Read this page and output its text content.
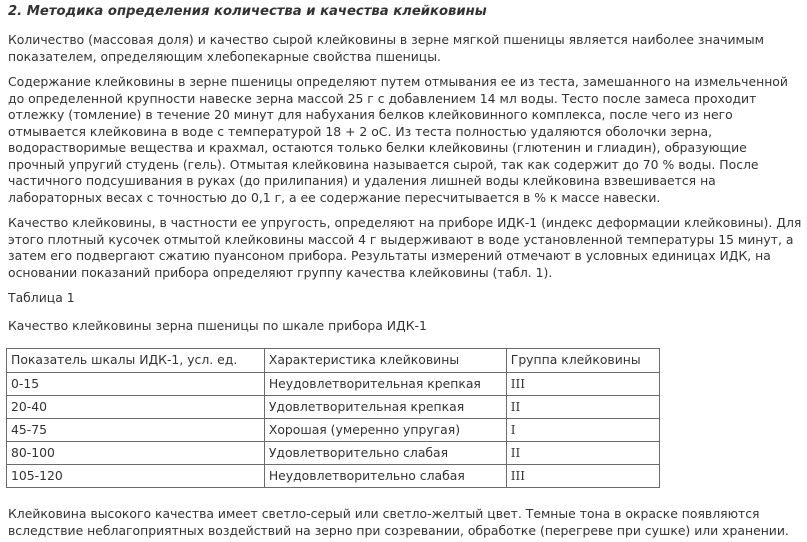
2. Методика определения количества и качества клейковины

Количество (массовая доля) и качество сырой клейковины в зерне мягкой пшеницы является наиболее значимым
показателем, определяющим хлебопекарные свойства пшеницы.

Содержание клейковины в зерне пшеницы определяют путем отмывания ее из теста, замешанного на измельченной
до определенной крупности навеске зерна массой 25 г с добавлением 14 мл воды. Тесто после замеса проходит
отлежку (томление) в течение 20 минут для набухания белков клейковинного комплекса, после чего из него
отмывается клейковина в воде с температурой 18 + 2 оС. Из теста полностью удаляются оболочки зерна,
водорастворимые вещества и крахмал, остаются только белки клейковины (глютенин и глиадин), образующие
прочный упругий студень (гель). Отмытая клейковина называется сырой, так как содержит до 70 % воды. После
частичного подсушивания в руках (до прилипания) и удаления лишней воды клейковина взвешивается на
лабораторных весах с точностью до 0,1 г, а ее содержание пересчитывается в % к массе навески.

Качество клейковины, в частности ее упругость, определяют на приборе ИДК-1 (индекс деформации клейковины). Для
этого плотный кусочек отмытой клейковины массой 4 г выдерживают в воде установленной температуры 15 минут, а
затем его подвергают сжатию пуансоном прибора. Результаты измерений отмечают в условных единицах ИДК, на
основании показаний прибора определяют группу качества клейковины (табл. 1).

Таблица 1

Качество клейковины зерна пшеницы по шкале прибора ИДК-1

Показатель шкалы ИДК-1, усл. ед.	Характеристика клейковины	Группа клейковины
0-15	Неудовлетворительная крепкая	III
20-40	Удовлетворительная крепкая	II
45-75	Хорошая (умеренно упругая)	I
80-100	Удовлетворительно слабая	II
105-120	Неудовлетворительно слабая	III

Клейковина высокого качества имеет светло-серый или светло-желтый цвет. Темные тона в окраске появляются
вследствие неблагоприятных воздействий на зерно при созревании, обработке (перегреве при сушке) или хранении.
